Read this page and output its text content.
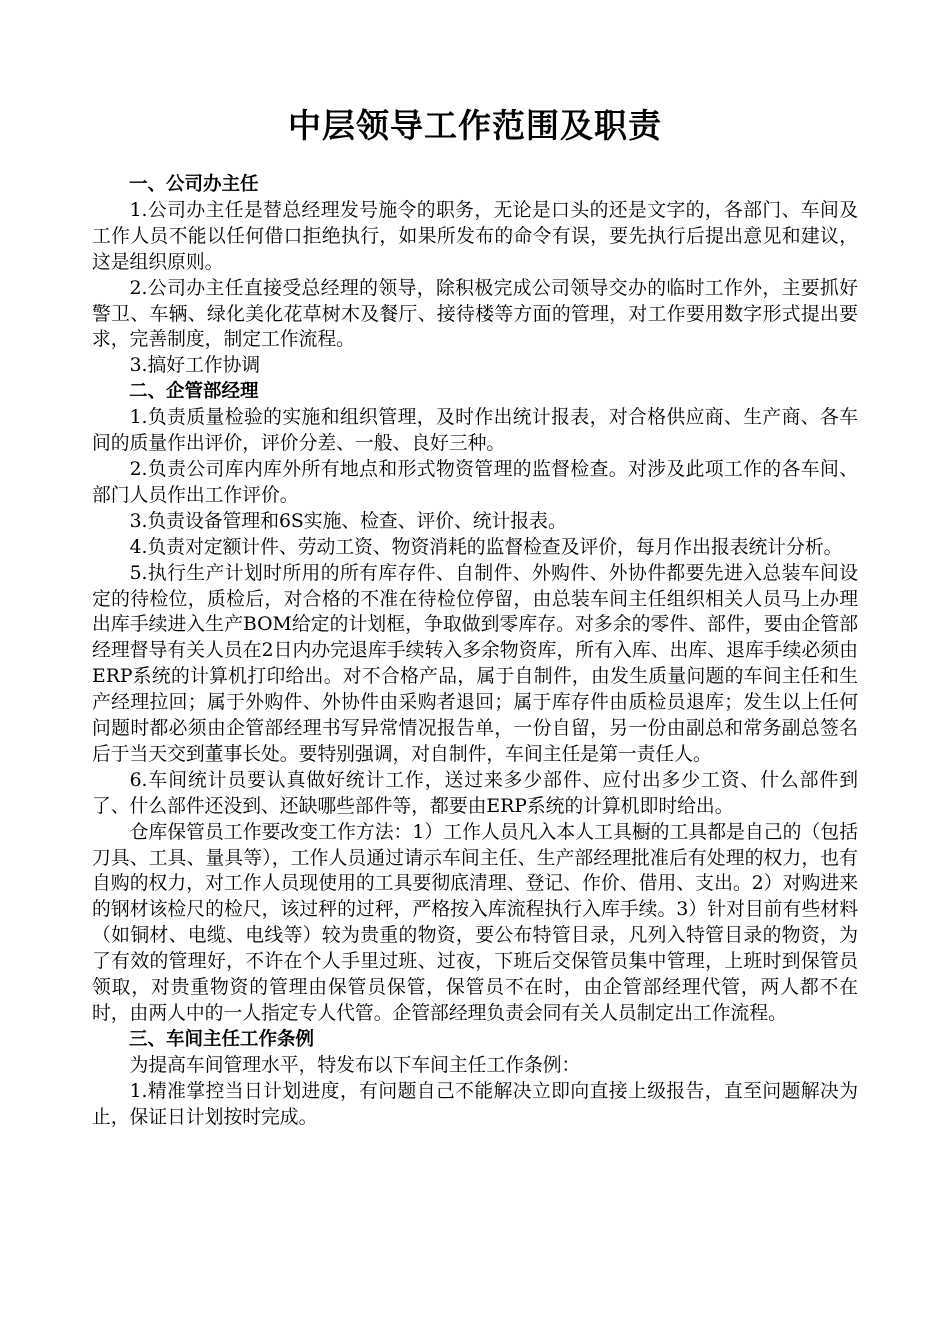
中层领导工作范围及职责

一、公司办主任

1.公司办主任是替总经理发号施令的职务，无论是口头的还是文字的，各部门、车间及工作人员不能以任何借口拒绝执行，如果所发布的命令有误，要先执行后提出意见和建议，这是组织原则。

2.公司办主任直接受总经理的领导，除积极完成公司领导交办的临时工作外，主要抓好警卫、车辆、绿化美化花草树木及餐厅、接待楼等方面的管理，对工作要用数字形式提出要求，完善制度，制定工作流程。

3.搞好工作协调

二、企管部经理

1.负责质量检验的实施和组织管理，及时作出统计报表，对合格供应商、生产商、各车间的质量作出评价，评价分差、一般、良好三种。

2.负责公司库内库外所有地点和形式物资管理的监督检查。对涉及此项工作的各车间、部门人员作出工作评价。

3.负责设备管理和6S实施、检查、评价、统计报表。

4.负责对定额计件、劳动工资、物资消耗的监督检查及评价，每月作出报表统计分析。

5.执行生产计划时所用的所有库存件、自制件、外购件、外协件都要先进入总装车间设定的待检位，质检后，对合格的不准在待检位停留，由总装车间主任组织相关人员马上办理出库手续进入生产BOM给定的计划框，争取做到零库存。对多余的零件、部件，要由企管部经理督导有关人员在2日内办完退库手续转入多余物资库，所有入库、出库、退库手续必须由ERP系统的计算机打印给出。对不合格产品，属于自制件，由发生质量问题的车间主任和生产经理拉回；属于外购件、外协件由采购者退回；属于库存件由质检员退库；发生以上任何问题时都必须由企管部经理书写异常情况报告单，一份自留，另一份由副总和常务副总签名后于当天交到董事长处。要特别强调，对自制件，车间主任是第一责任人。

6.车间统计员要认真做好统计工作，送过来多少部件、应付出多少工资、什么部件到了、什么部件还没到、还缺哪些部件等，都要由ERP系统的计算机即时给出。

仓库保管员工作要改变工作方法：1）工作人员凡入本人工具橱的工具都是自己的（包括刀具、工具、量具等），工作人员通过请示车间主任、生产部经理批准后有处理的权力，也有自购的权力，对工作人员现使用的工具要彻底清理、登记、作价、借用、支出。2）对购进来的钢材该检尺的检尺，该过秤的过秤，严格按入库流程执行入库手续。3）针对目前有些材料（如铜材、电缆、电线等）较为贵重的物资，要公布特管目录，凡列入特管目录的物资，为了有效的管理好，不许在个人手里过班、过夜，下班后交保管员集中管理，上班时到保管员领取，对贵重物资的管理由保管员保管，保管员不在时，由企管部经理代管，两人都不在时，由两人中的一人指定专人代管。企管部经理负责会同有关人员制定出工作流程。

三、车间主任工作条例

为提高车间管理水平，特发布以下车间主任工作条例：

1.精准掌控当日计划进度，有问题自己不能解决立即向直接上级报告，直至问题解决为止，保证日计划按时完成。
